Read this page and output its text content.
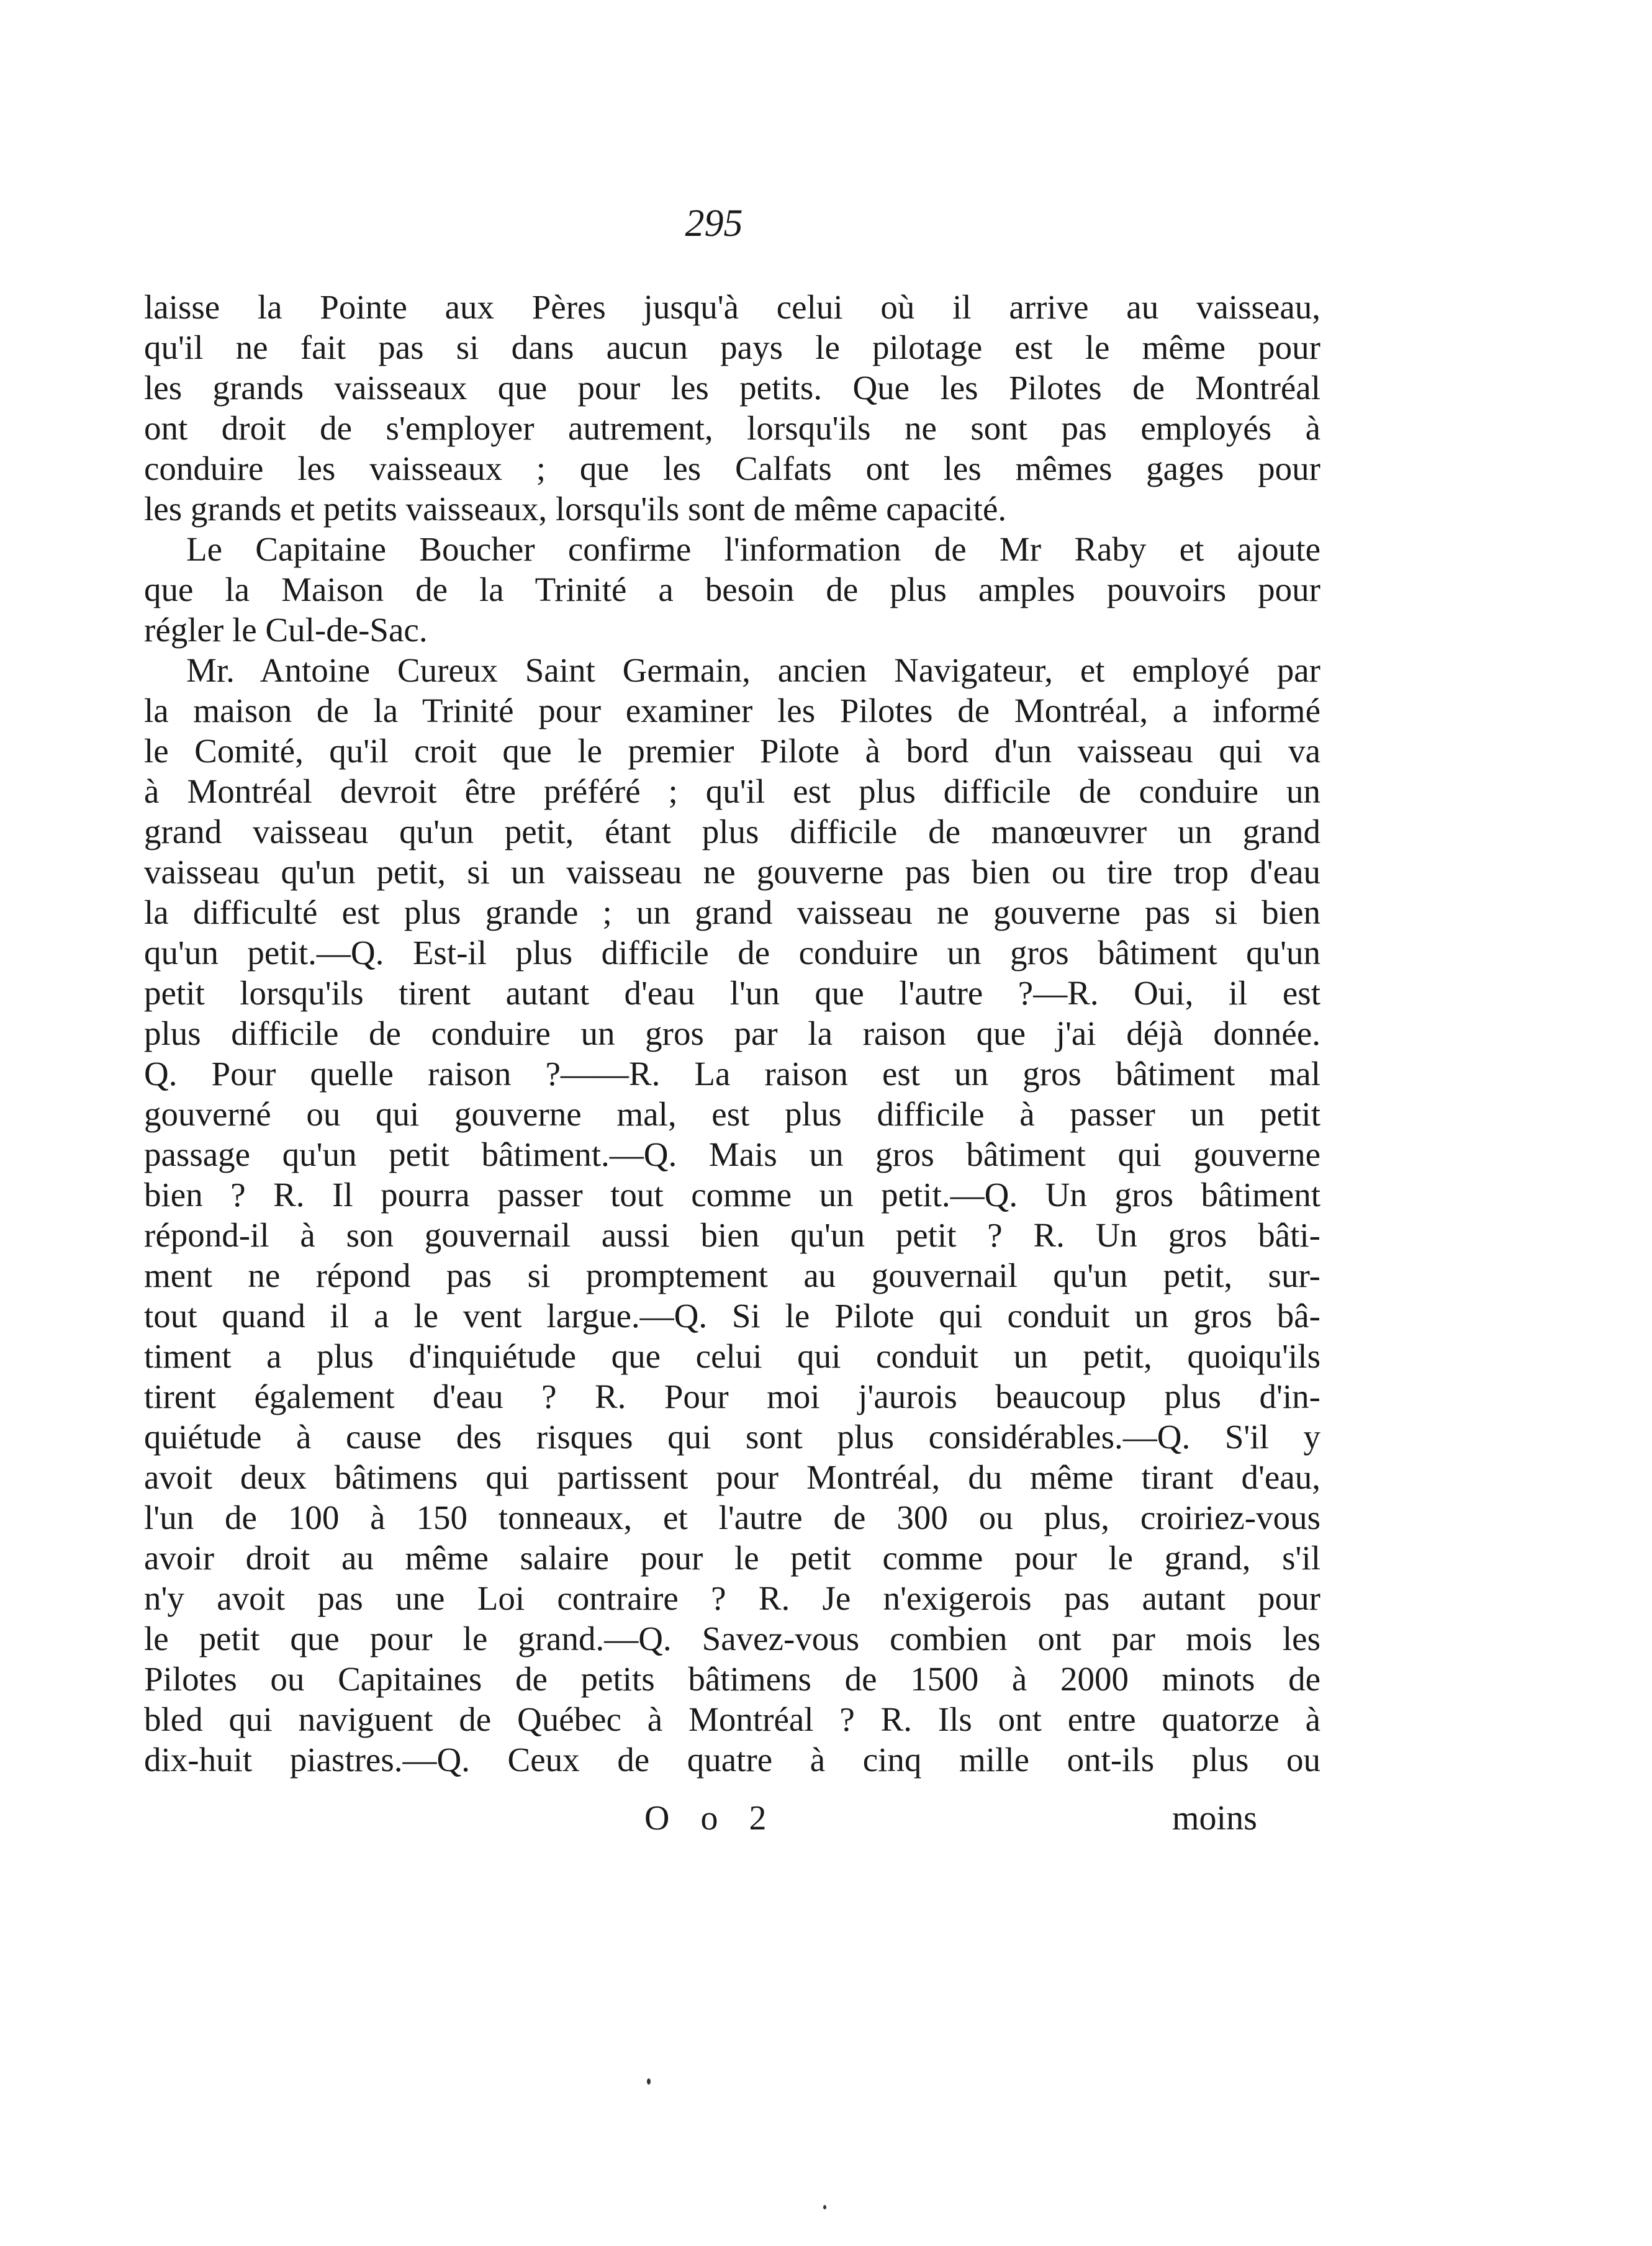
295
laisse la Pointe aux Pères jusqu'à celui où il arrive au vaisseau,
qu'il ne fait pas si dans aucun pays le pilotage est le même pour
les grands vaisseaux que pour les petits. Que les Pilotes de Montréal
ont droit de s'employer autrement, lorsqu'ils ne sont pas employés à
conduire les vaisseaux ; que les Calfats ont les mêmes gages pour
les grands et petits vaisseaux, lorsqu'ils sont de même capacité.
Le Capitaine Boucher confirme l'information de Mr Raby et ajoute
que la Maison de la Trinité a besoin de plus amples pouvoirs pour
régler le Cul-de-Sac.
Mr. Antoine Cureux Saint Germain, ancien Navigateur, et employé par
la maison de la Trinité pour examiner les Pilotes de Montréal, a informé
le Comité, qu'il croit que le premier Pilote à bord d'un vaisseau qui va
à Montréal devroit être préféré ; qu'il est plus difficile de conduire un
grand vaisseau qu'un petit, étant plus difficile de manœuvrer un grand
vaisseau qu'un petit, si un vaisseau ne gouverne pas bien ou tire trop d'eau
la difficulté est plus grande ; un grand vaisseau ne gouverne pas si bien
qu'un petit.—Q. Est-il plus difficile de conduire un gros bâtiment qu'un
petit lorsqu'ils tirent autant d'eau l'un que l'autre ?—R. Oui, il est
plus difficile de conduire un gros par la raison que j'ai déjà donnée.
Q. Pour quelle raison ?——R. La raison est un gros bâtiment mal
gouverné ou qui gouverne mal, est plus difficile à passer un petit
passage qu'un petit bâtiment.—Q. Mais un gros bâtiment qui gouverne
bien ? R. Il pourra passer tout comme un petit.—Q. Un gros bâtiment
répond-il à son gouvernail aussi bien qu'un petit ? R. Un gros bâti-
ment ne répond pas si promptement au gouvernail qu'un petit, sur-
tout quand il a le vent largue.—Q. Si le Pilote qui conduit un gros bâ-
timent a plus d'inquiétude que celui qui conduit un petit, quoiqu'ils
tirent également d'eau ? R. Pour moi j'aurois beaucoup plus d'in-
quiétude à cause des risques qui sont plus considérables.—Q. S'il y
avoit deux bâtimens qui partissent pour Montréal, du même tirant d'eau,
l'un de 100 à 150 tonneaux, et l'autre de 300 ou plus, croiriez-vous
avoir droit au même salaire pour le petit comme pour le grand, s'il
n'y avoit pas une Loi contraire ? R. Je n'exigerois pas autant pour
le petit que pour le grand.—Q. Savez-vous combien ont par mois les
Pilotes ou Capitaines de petits bâtimens de 1500 à 2000 minots de
bled qui naviguent de Québec à Montréal ? R. Ils ont entre quatorze à
dix-huit piastres.—Q. Ceux de quatre à cinq mille ont-ils plus ou
O o 2	moins
